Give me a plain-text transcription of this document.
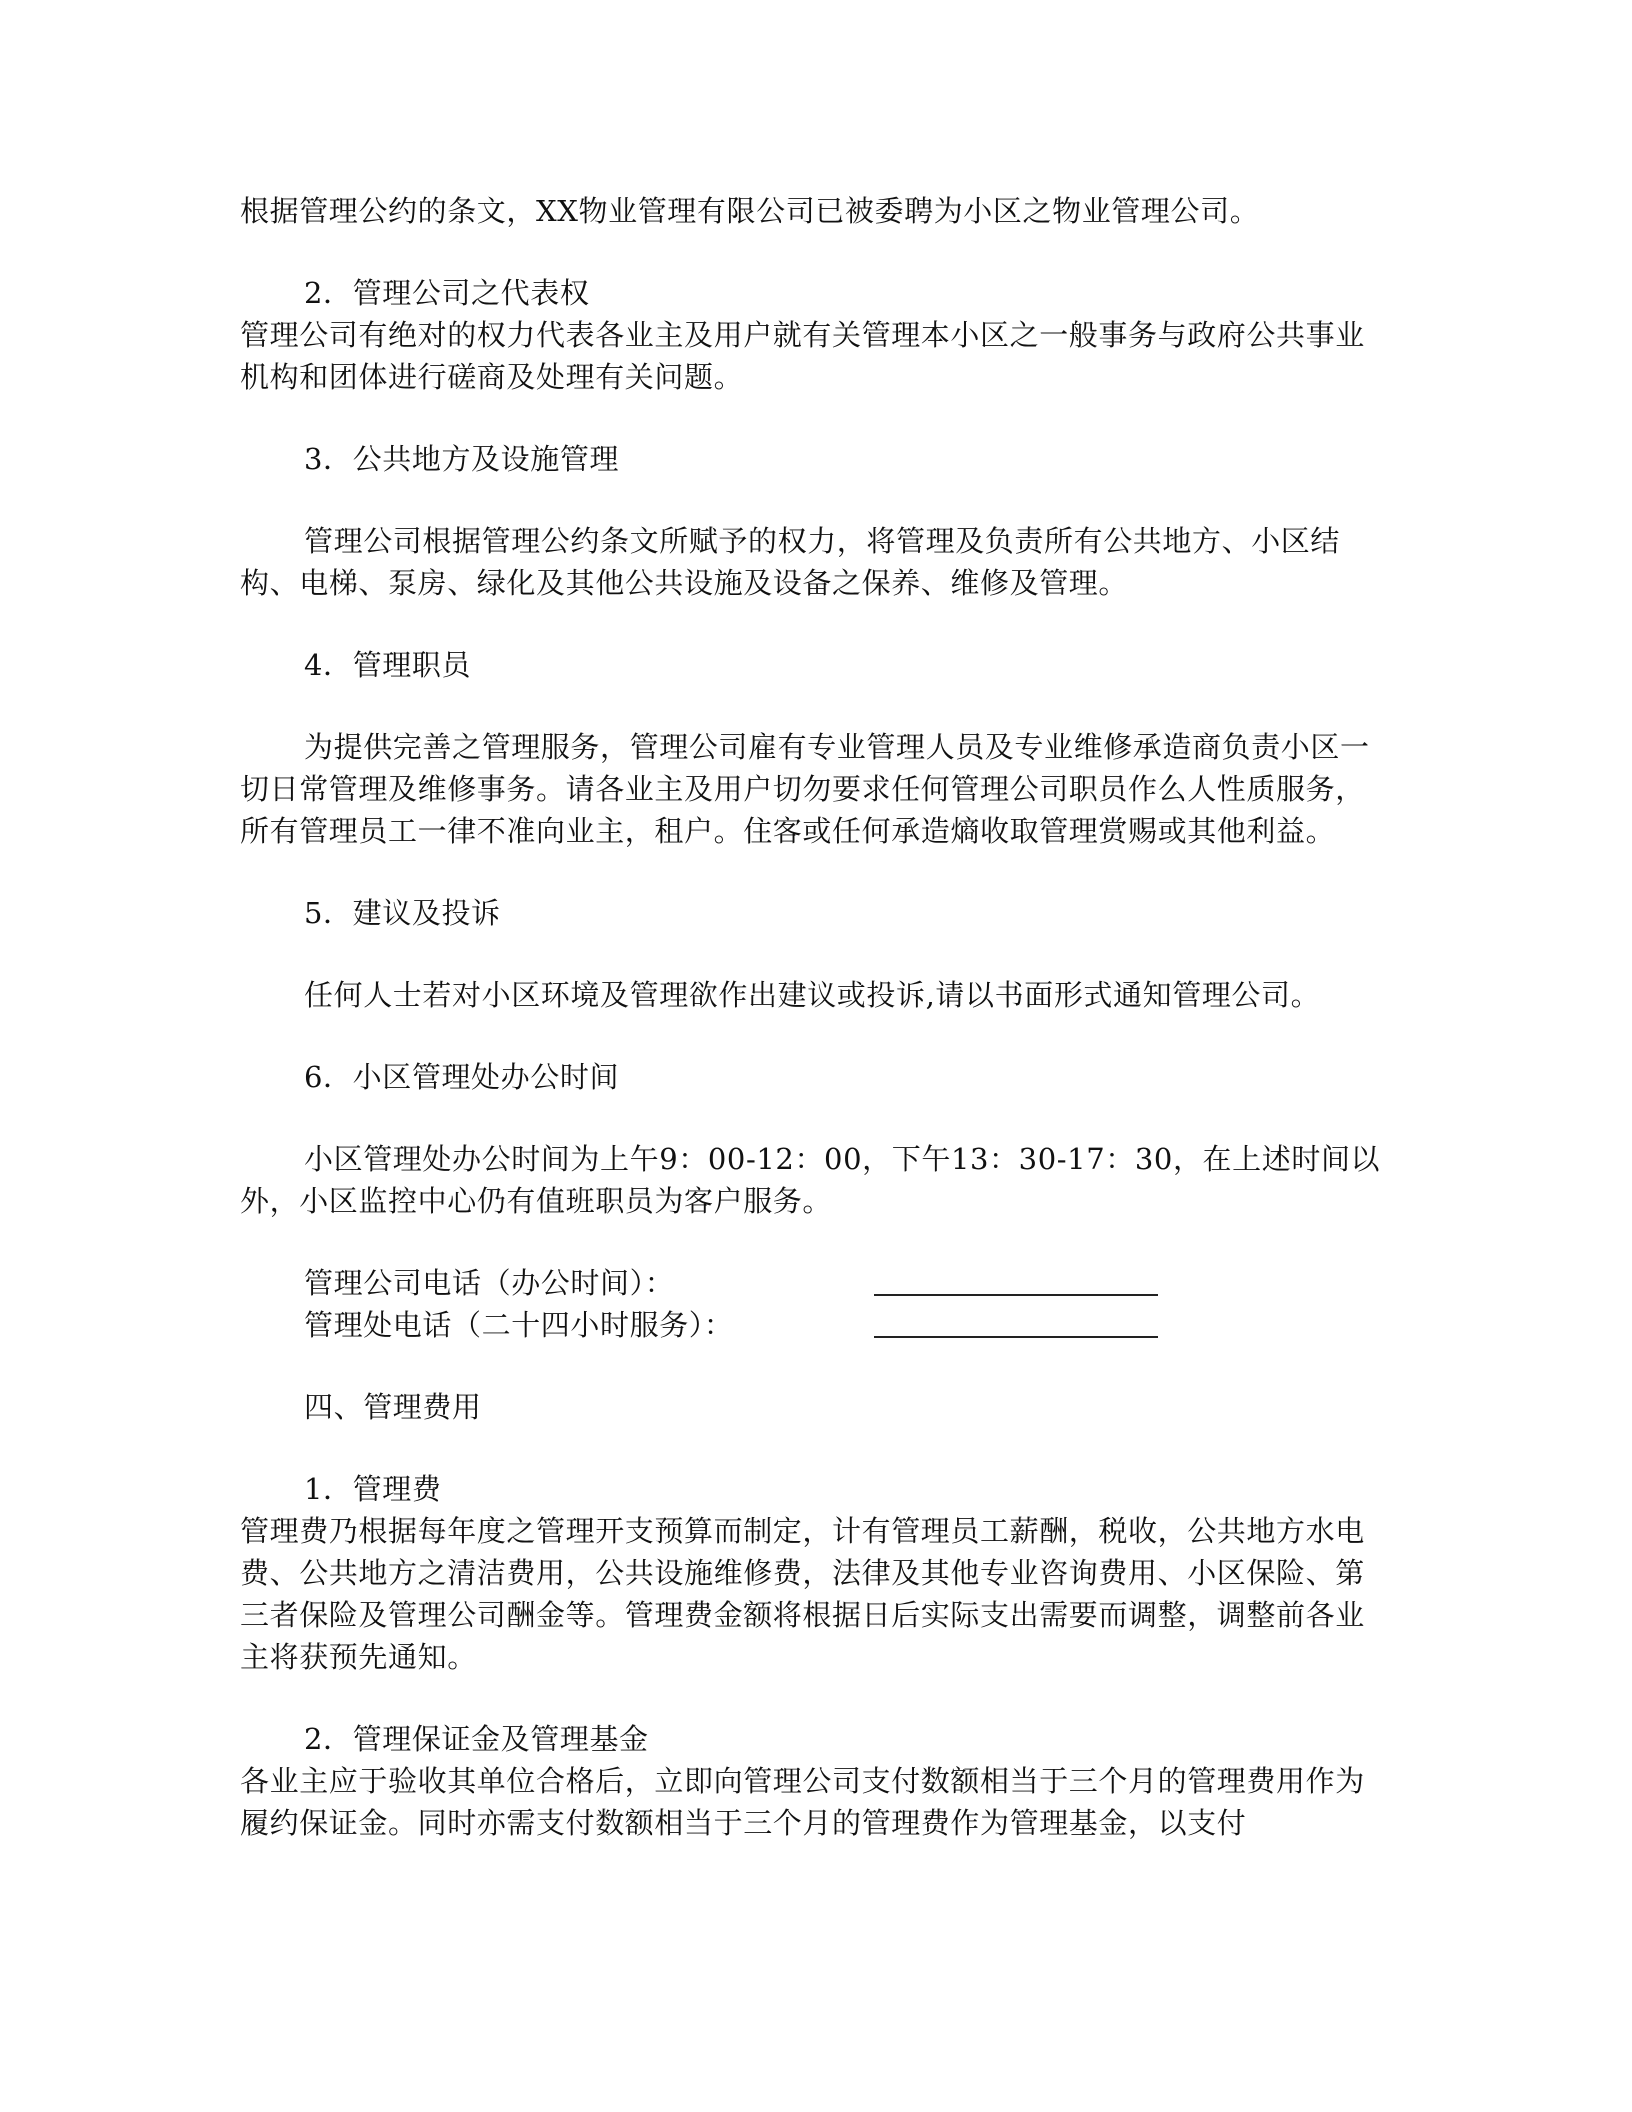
根据管理公约的条文，XX物业管理有限公司已被委聘为小区之物业管理公司。

2．管理公司之代表权

管理公司有绝对的权力代表各业主及用户就有关管理本小区之一般事务与政府公共事业机构和团体进行磋商及处理有关问题。

3．公共地方及设施管理

管理公司根据管理公约条文所赋予的权力，将管理及负责所有公共地方、小区结构、电梯、泵房、绿化及其他公共设施及设备之保养、维修及管理。

4．管理职员

为提供完善之管理服务，管理公司雇有专业管理人员及专业维修承造商负责小区一切日常管理及维修事务。请各业主及用户切勿要求任何管理公司职员作么人性质服务，所有管理员工一律不准向业主，租户。住客或任何承造熵收取管理赏赐或其他利益。

5．建议及投诉

任何人士若对小区环境及管理欲作出建议或投诉,请以书面形式通知管理公司。

6．小区管理处办公时间

小区管理处办公时间为上午9：00-12：00，下午13：30-17：30，在上述时间以外，小区监控中心仍有值班职员为客户服务。

管理公司电话（办公时间）：
管理处电话（二十四小时服务）：

四、管理费用

1．管理费

管理费乃根据每年度之管理开支预算而制定，计有管理员工薪酬，税收，公共地方水电费、公共地方之清洁费用，公共设施维修费，法律及其他专业咨询费用、小区保险、第三者保险及管理公司酬金等。管理费金额将根据日后实际支出需要而调整，调整前各业主将获预先通知。

2．管理保证金及管理基金

各业主应于验收其单位合格后，立即向管理公司支付数额相当于三个月的管理费用作为履约保证金。同时亦需支付数额相当于三个月的管理费作为管理基金，以支付
